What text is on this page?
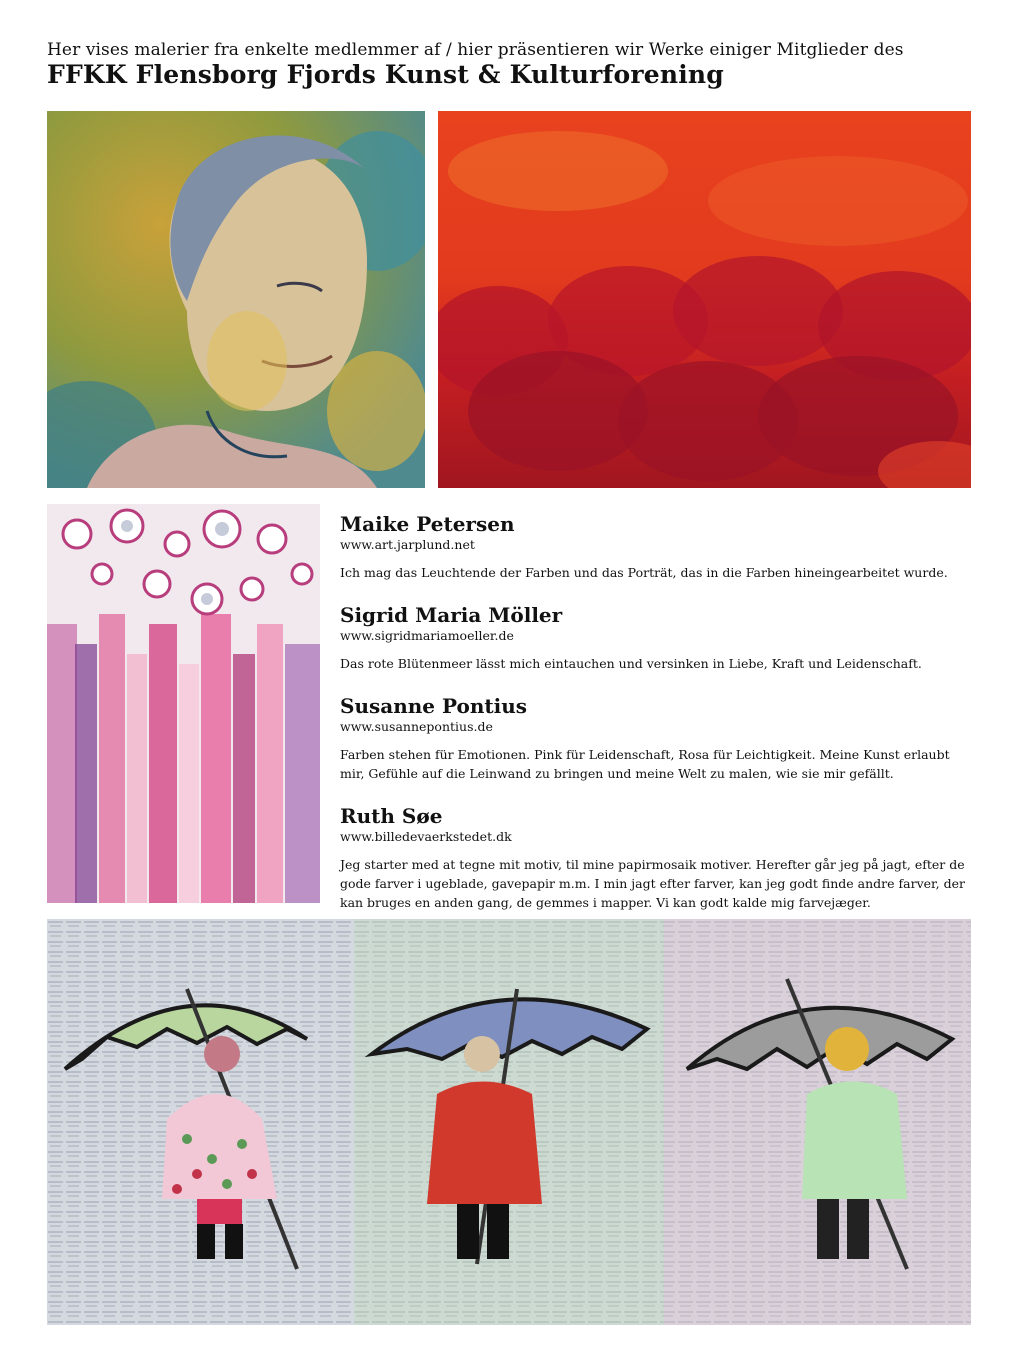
Her vises malerier fra enkelte medlemmer af / hier präsentieren wir Werke einiger Mitglieder des
FFKK Flensborg Fjords Kunst & Kulturforening
Maike Petersen
www.art.jarplund.net
Ich mag das Leuchtende der Farben und das Porträt, das in die Farben hineingearbeitet wurde.
Sigrid Maria Möller
www.sigridmariamoeller.de
Das rote Blütenmeer lässt mich eintauchen und versinken in Liebe, Kraft und Leidenschaft.
Susanne Pontius
www.susannepontius.de
Farben stehen für Emotionen. Pink für Leidenschaft, Rosa für Leichtigkeit. Meine Kunst erlaubt mir, Gefühle auf die Leinwand zu bringen und meine Welt zu malen, wie sie mir gefällt.
Ruth Søe
www.billedevaerkstedet.dk
Jeg starter med at tegne mit motiv, til mine papirmosaik motiver. Herefter går jeg på jagt, efter de gode farver i ugeblade, gavepapir m.m. I min jagt efter farver, kan jeg godt finde andre farver, der kan bruges en anden gang, de gemmes i mapper. Vi kan godt kalde mig farvejæger.
